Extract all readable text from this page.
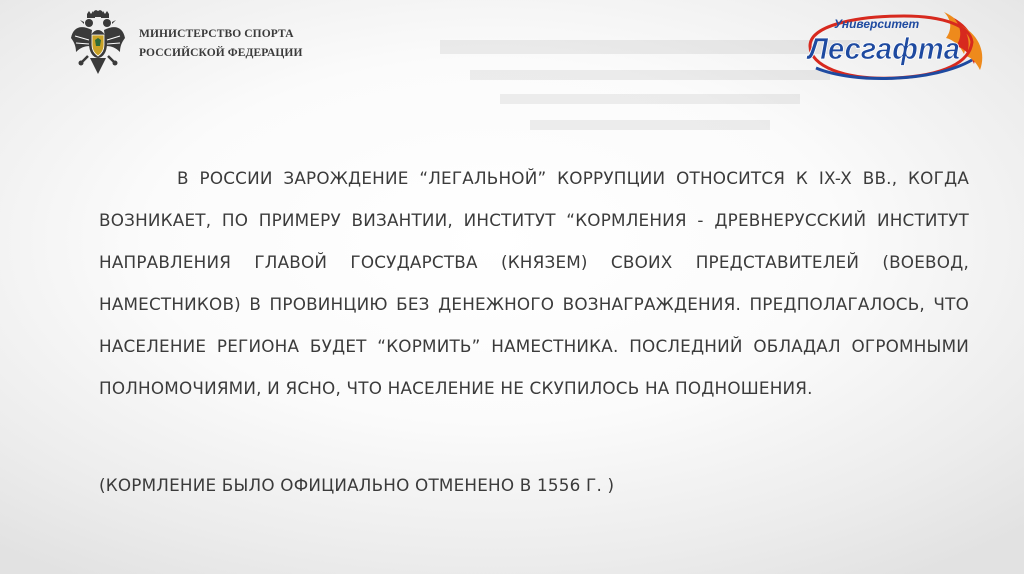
МИНИСТЕРСТВО СПОРТА
РОССИЙСКОЙ ФЕДЕРАЦИИ
Университет
Лесгафта

В РОССИИ ЗАРОЖДЕНИЕ “ЛЕГАЛЬНОЙ” КОРРУПЦИИ ОТНОСИТСЯ К IX-X ВВ., КОГДА ВОЗНИКАЕТ, ПО ПРИМЕРУ ВИЗАНТИИ, ИНСТИТУТ “КОРМЛЕНИЯ - ДРЕВНЕРУССКИЙ ИНСТИТУТ НАПРАВЛЕНИЯ ГЛАВОЙ ГОСУДАРСТВА (КНЯЗЕМ) СВОИХ ПРЕДСТАВИТЕЛЕЙ (ВОЕВОД, НАМЕСТНИКОВ) В ПРОВИНЦИЮ БЕЗ ДЕНЕЖНОГО ВОЗНАГРАЖДЕНИЯ. ПРЕДПОЛАГАЛОСЬ, ЧТО НАСЕЛЕНИЕ РЕГИОНА БУДЕТ “КОРМИТЬ” НАМЕСТНИКА. ПОСЛЕДНИЙ ОБЛАДАЛ ОГРОМНЫМИ ПОЛНОМОЧИЯМИ, И ЯСНО, ЧТО НАСЕЛЕНИЕ НЕ СКУПИЛОСЬ НА ПОДНОШЕНИЯ.

(КОРМЛЕНИЕ БЫЛО ОФИЦИАЛЬНО ОТМЕНЕНО В 1556 Г. )
